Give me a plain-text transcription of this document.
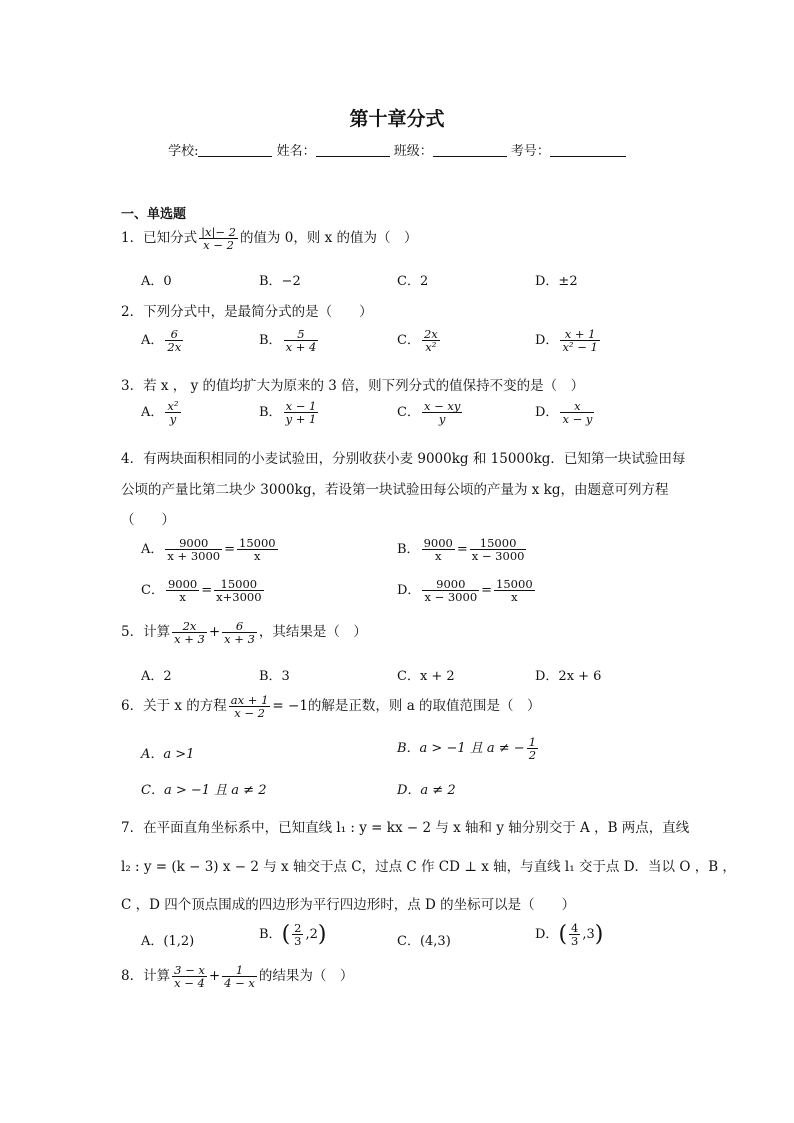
第十章分式
学校:	姓名：	班级：	考号：
一、单选题
1．已知分式 $\frac{|x|- 2}{x - 2}$ 的值为 0，则 x 的值为（　）
A．0	B．−2	C．2	D．±2
2．下列分式中，是最简分式的是（　　）
A． $\frac{6}{2x}$	B． $\frac{5}{x + 4}$	C． $\frac{2x}{\text{x²}}$	D． $\frac{x + 1}{\text{x² − 1}}$
3．若 x ， y 的值均扩大为原来的 3 倍，则下列分式的值保持不变的是（　）
A． $\frac{\text{x²}}{y}$	B． $\frac{x - 1}{y + 1}$	C． $\frac{x - xy}{y}$	D． $\frac{x}{x - y}$
4．有两块面积相同的小麦试验田，分别收获小麦 9000kg 和 15000kg．已知第一块试验田每
公顷的产量比第二块少 3000kg，若设第一块试验田每公顷的产量为 x kg，由题意可列方程
（　　）
A． $\frac{9000}{x + 3000} = \frac{15000}{x}$	B． $\frac{9000}{x} = \frac{15000}{x - 3000}$
C． $\frac{9000}{x} = \frac{15000}{x+3000}$	D． $\frac{9000}{x - 3000} = \frac{15000}{x}$
5．计算 $\frac{2x}{x + 3} + \frac{6}{x + 3}$ ，其结果是（　）
A．2	B．3	C．x + 2	D．2x + 6
6．关于 x 的方程 $\frac{ax + 1}{x - 2} = -1$的解是正数，则 a 的取值范围是（　）
A．a >1	B．a > −1 且 a ≠ − $\frac{1}{2}$
C．a > −1 且 a ≠ 2	D．a ≠ 2
7．在平面直角坐标系中，已知直线 l₁ : y = kx − 2 与 x 轴和 y 轴分别交于 A ，B 两点，直线
l₂ : y = (k − 3) x − 2 与 x 轴交于点 C，过点 C 作 CD ⊥ x 轴，与直线 l₁ 交于点 D．当以 O ，B ，
C ，D 四个顶点围成的四边形为平行四边形时，点 D 的坐标可以是（　　）
A．(1,2)	B．( $\frac{2}{3} ,2$)	C．(4,3)	D．( $\frac{4}{3} ,3$)
8．计算 $\frac{3 - x}{x - 4} + \frac{1}{4 - x}$ 的结果为（　）
